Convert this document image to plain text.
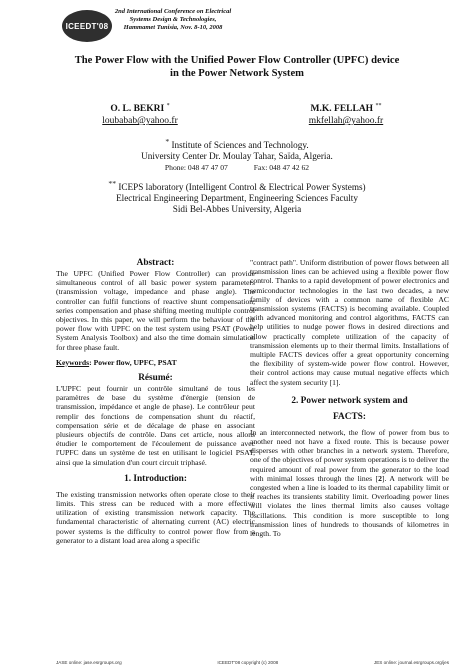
ICEEDT'08
2nd International Conference on Electrical
Systems Design & Technologies,
Hammamet Tunisia, Nov. 8-10, 2008
The Power Flow with the Unified Power Flow Controller (UPFC) device
in the Power Network System
O. L. BEKRI *
loubabab@yahoo.fr
M.K. FELLAH **
mkfellah@yahoo.fr
* Institute of Sciences and Technology.
University Center Dr. Moulay Tahar, Saïda, Algeria.
Phone: 048 47 47 07	Fax: 048 47 42 62
** ICEPS laboratory (Intelligent Control & Electrical Power Systems)
Electrical Engineering Department, Engineering Sciences Faculty
Sidi Bel-Abbes University, Algeria
Abstract:

The UPFC (Unified Power Flow Controller) can provide simultaneous control of all basic power system parameters (transmission voltage, impedance and phase angle). The controller can fulfil functions of reactive shunt compensation, series compensation and phase shifting meeting multiple control objectives. In this paper, we will perform the behaviour of the power flow with UPFC on the test system using PSAT (Power System Analysis Toolbox) and also the time domain simulation for three phase fault.

Keywords: Power flow, UPFC, PSAT
Résumé:

L'UPFC peut fournir un contrôle simultané de tous les paramètres de base du système d'énergie (tension de transmission, impédance et angle de phase). Le contrôleur peut remplir des fonctions de compensation shunt du réactif, compensation série et de décalage de phase en associant plusieurs objectifs de contrôle. Dans cet article, nous allons étudier le comportement de l'écoulement de puissance avec l'UPFC dans un système de test en utilisant le logiciel PSAT, ainsi que la simulation d'un court circuit triphasé.

1. Introduction:

The existing transmission networks often operate close to their limits. This stress can be reduced with a more effective utilization of existing transmission network capacity. The fundamental characteristic of alternating current (AC) electric power systems is the difficulty to control power flow from a generator to a distant load area along a specific

"contract path". Uniform distribution of power flows between all transmission lines can be achieved using a flexible power flow control. Thanks to a rapid development of power electronics and semiconductor technologies in the last two decades, a new family of devices with a common name of flexible AC transmission systems (FACTS) is becoming available. Coupled with advanced monitoring and control algorithms, FACTS can help utilities to nudge power flows in desired directions and allow practically complete utilization of the capacity of transmission elements up to their thermal limits. Installations of multiple FACTS devices offer a great opportunity concerning the flexibility of system-wide power flow control. However, their control actions may cause mutual negative effects which affect the system security [1].

2. Power network system and
FACTS:

In an interconnected network, the flow of power from bus to another need not have a fixed route. This is because power disperses with other branches in a network system. Therefore, one of the objectives of power system operations is to deliver the required amount of real power from the generator to the load with minimal losses through the lines [2]. A network will be congested when a line is loaded to its thermal capability limit or it reaches its transients stability limit. Overloading power lines will violates the lines thermal limits also causes voltage oscillations. This condition is more susceptible to long transmission lines of hundreds to thousands of kilometres in length. To

JASE online: jase.esrgroups.org	ICEEDT'08 copyright (c) 2008	JES online: journal.esrgroups.org/jes
